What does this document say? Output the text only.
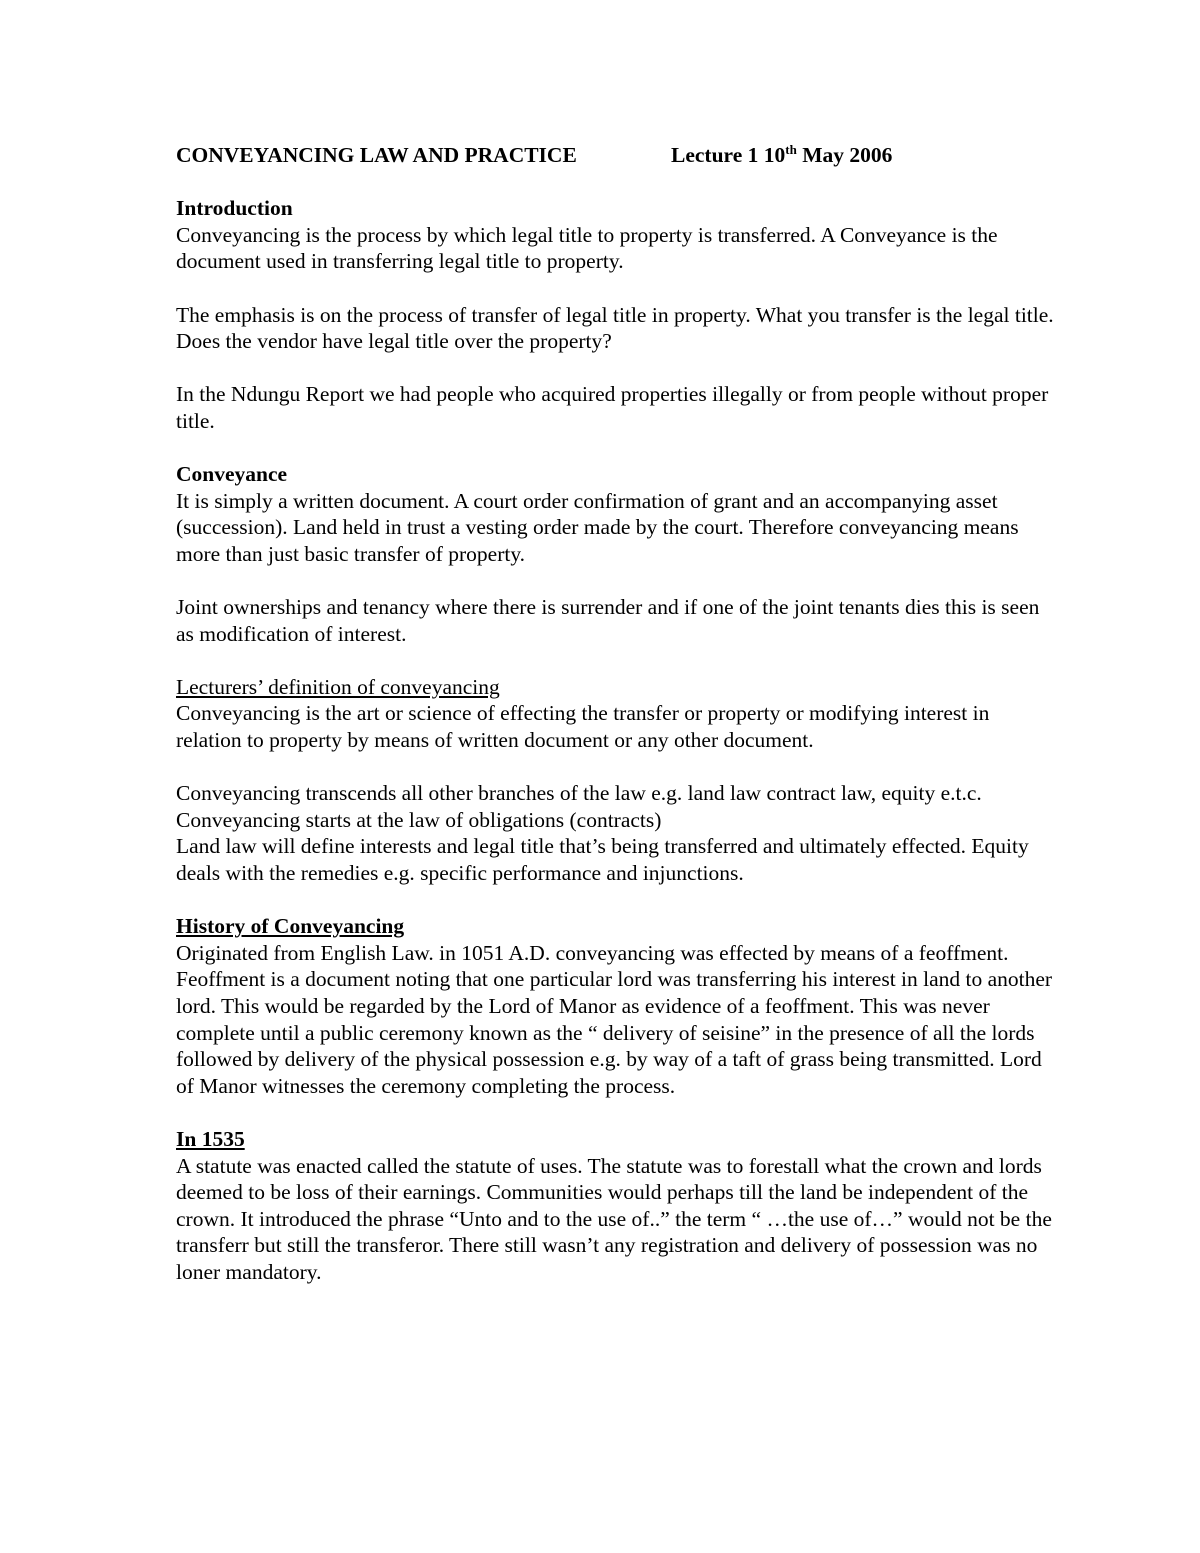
CONVEYANCING LAW AND PRACTICE	Lecture 1 10th May 2006
Introduction

Conveyancing is the process by which legal title to property is transferred. A Conveyance is the document used in transferring legal title to property.

The emphasis is on the process of transfer of legal title in property. What you transfer is the legal title.

Does the vendor have legal title over the property?

In the Ndungu Report we had people who acquired properties illegally or from people without proper title.

Conveyance

It is simply a written document. A court order confirmation of grant and an accompanying asset (succession). Land held in trust a vesting order made by the court. Therefore conveyancing means more than just basic transfer of property.

Joint ownerships and tenancy where there is surrender and if one of the joint tenants dies this is seen as modification of interest.

Lecturers’ definition of conveyancing

Conveyancing is the art or science of effecting the transfer or property or modifying interest in relation to property by means of written document or any other document.

Conveyancing transcends all other branches of the law e.g. land law contract law, equity e.t.c.

Conveyancing starts at the law of obligations (contracts)

Land law will define interests and legal title that’s being transferred and ultimately effected. Equity deals with the remedies e.g. specific performance and injunctions.

History of Conveyancing

Originated from English Law. in 1051 A.D. conveyancing was effected by means of a feoffment. Feoffment is a document noting that one particular lord was transferring his interest in land to another lord. This would be regarded by the Lord of Manor as evidence of a feoffment. This was never complete until a public ceremony known as the “ delivery of seisine” in the presence of all the lords followed by delivery of the physical possession e.g. by way of a taft of grass being transmitted. Lord of Manor witnesses the ceremony completing the process.

In 1535

A statute was enacted called the statute of uses. The statute was to forestall what the crown and lords deemed to be loss of their earnings. Communities would perhaps till the land be independent of the crown. It introduced the phrase “Unto and to the use of..” the term “ …the use of…” would not be the transferr but still the transferor. There still wasn’t any registration and delivery of possession was no loner mandatory.
